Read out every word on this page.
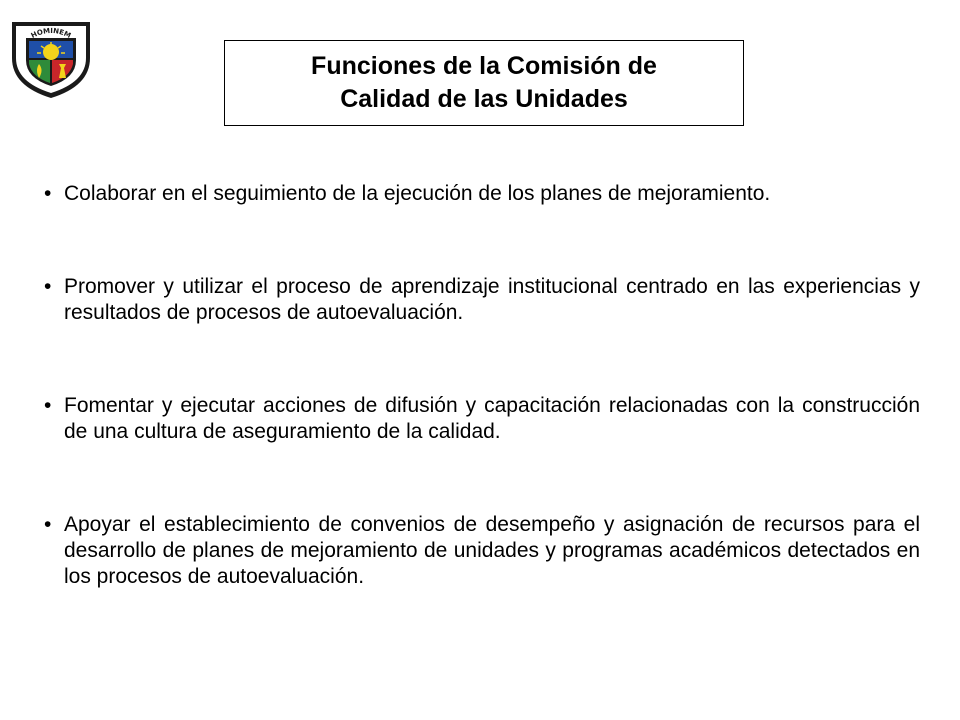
HOMINEM
Funciones de la Comisión de
Calidad de las Unidades
• Colaborar en el seguimiento de la ejecución de los planes de mejoramiento.
• Promover y utilizar el proceso de aprendizaje institucional centrado en las experiencias y resultados de procesos de autoevaluación.
• Fomentar y ejecutar acciones de difusión y capacitación relacionadas con la construcción de una cultura de aseguramiento de la calidad.
• Apoyar el establecimiento de convenios de desempeño y asignación de recursos para el desarrollo de planes de mejoramiento de unidades y programas académicos detectados en los procesos de autoevaluación.
